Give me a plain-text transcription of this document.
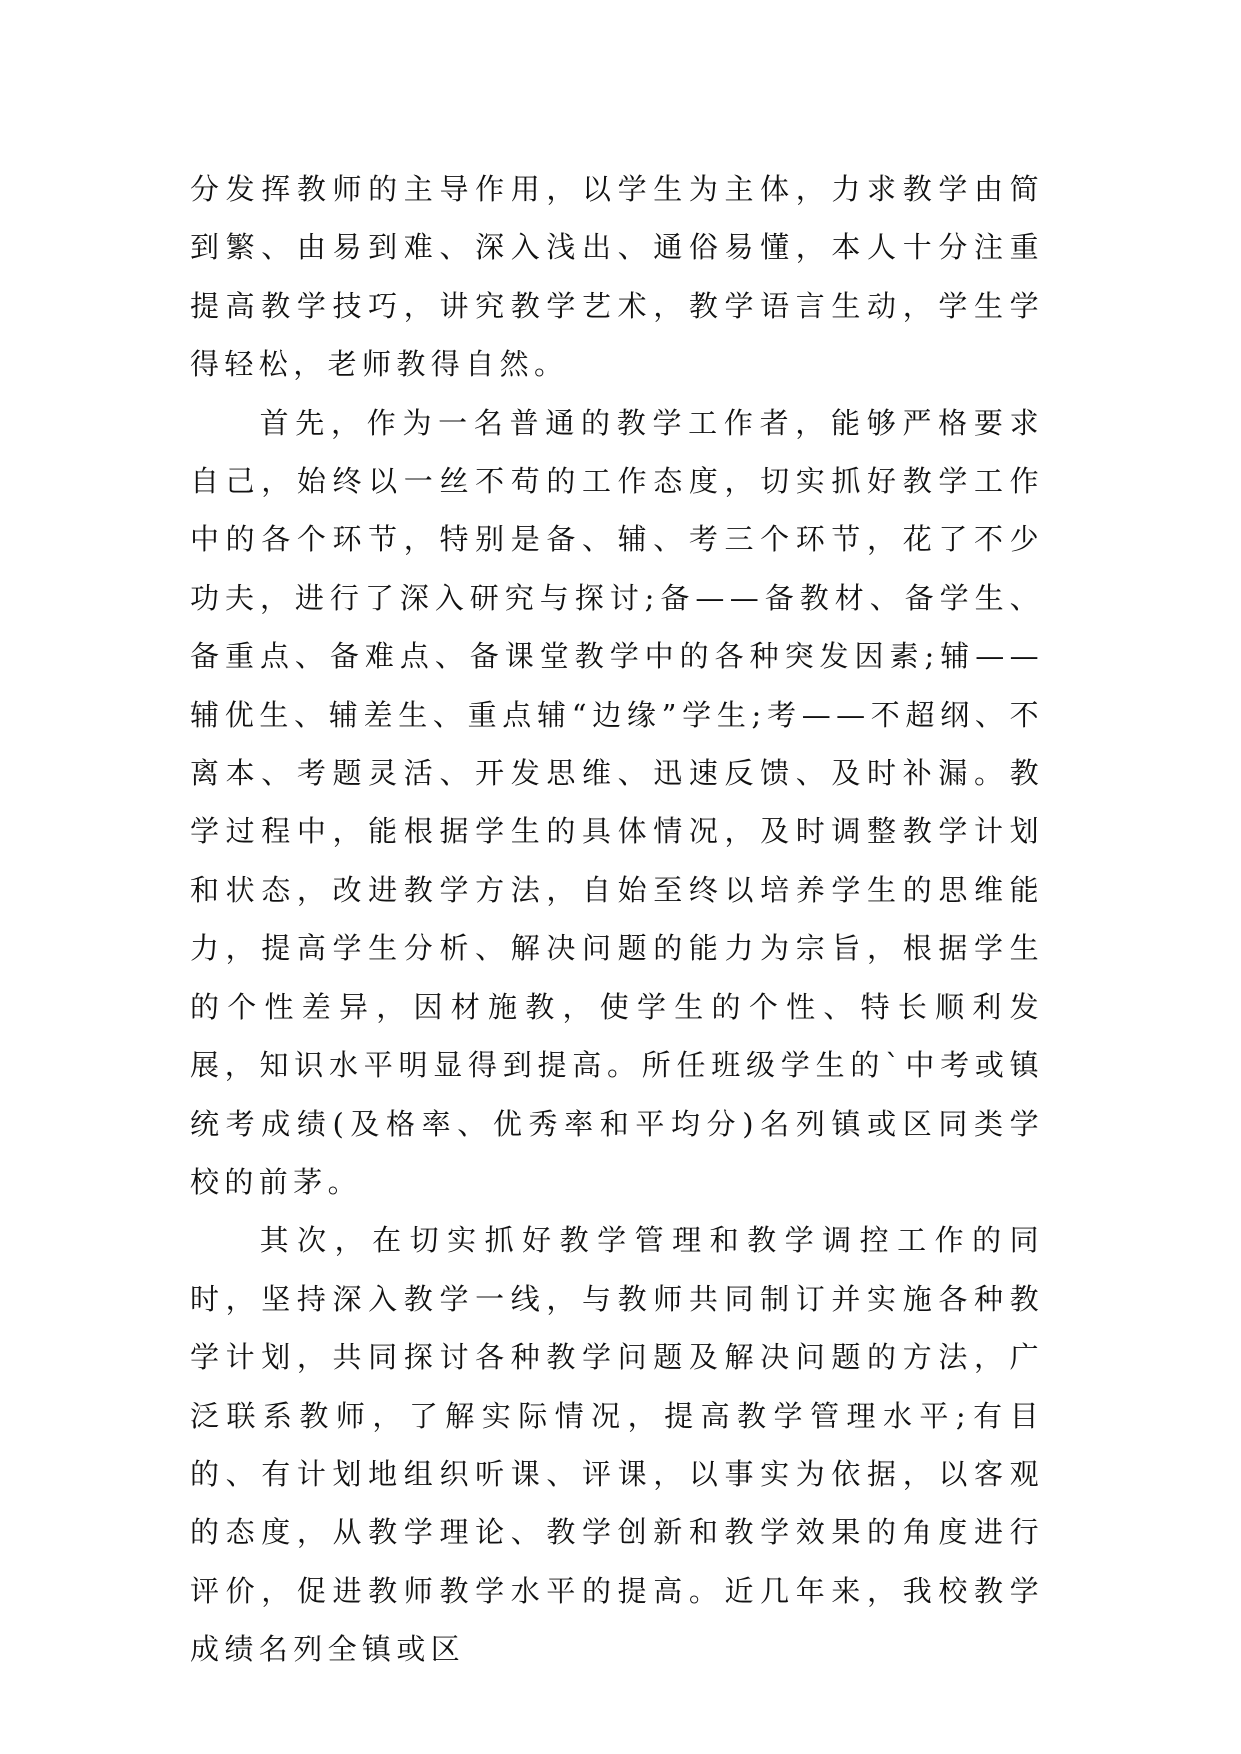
分发挥教师的主导作用，以学生为主体，力求教学由简到繁、由易到难、深入浅出、通俗易懂，本人十分注重提高教学技巧，讲究教学艺术，教学语言生动，学生学得轻松，老师教得自然。

首先，作为一名普通的教学工作者，能够严格要求自己，始终以一丝不苟的工作态度，切实抓好教学工作中的各个环节，特别是备、辅、考三个环节，花了不少功夫，进行了深入研究与探讨;备——备教材、备学生、备重点、备难点、备课堂教学中的各种突发因素;辅——辅优生、辅差生、重点辅“边缘”学生;考——不超纲、不离本、考题灵活、开发思维、迅速反馈、及时补漏。教学过程中，能根据学生的具体情况，及时调整教学计划和状态，改进教学方法，自始至终以培养学生的思维能力，提高学生分析、解决问题的能力为宗旨，根据学生的个性差异，因材施教，使学生的个性、特长顺利发展，知识水平明显得到提高。所任班级学生的`中考或镇统考成绩(及格率、优秀率和平均分)名列镇或区同类学校的前茅。

其次，在切实抓好教学管理和教学调控工作的同时，坚持深入教学一线，与教师共同制订并实施各种教学计划，共同探讨各种教学问题及解决问题的方法，广泛联系教师，了解实际情况，提高教学管理水平;有目的、有计划地组织听课、评课，以事实为依据，以客观的态度，从教学理论、教学创新和教学效果的角度进行评价，促进教师教学水平的提高。近几年来，我校教学成绩名列全镇或区
